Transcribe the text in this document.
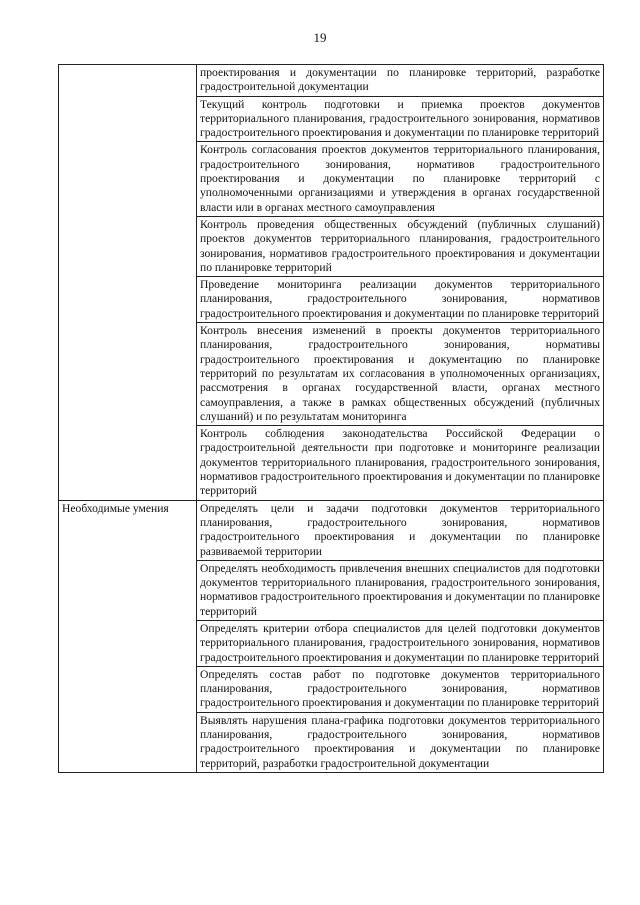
19
	проектирования и документации по планировке территорий, разработке градостроительной документации
	Текущий контроль подготовки и приемка проектов документов территориального планирования, градостроительного зонирования, нормативов градостроительного проектирования и документации по планировке территорий
	Контроль согласования проектов документов территориального планирования, градостроительного зонирования, нормативов градостроительного проектирования и документации по планировке территорий с уполномоченными организациями и утверждения в органах государственной власти или в органах местного самоуправления
	Контроль проведения общественных обсуждений (публичных слушаний) проектов документов территориального планирования, градостроительного зонирования, нормативов градостроительного проектирования и документации по планировке территорий
	Проведение мониторинга реализации документов территориального планирования, градостроительного зонирования, нормативов градостроительного проектирования и документации по планировке территорий
	Контроль внесения изменений в проекты документов территориального планирования, градостроительного зонирования, нормативы градостроительного проектирования и документацию по планировке территорий по результатам их согласования в уполномоченных организациях, рассмотрения в органах государственной власти, органах местного самоуправления, а также в рамках общественных обсуждений (публичных слушаний) и по результатам мониторинга
	Контроль соблюдения законодательства Российской Федерации о градостроительной деятельности при подготовке и мониторинге реализации документов территориального планирования, градостроительного зонирования, нормативов градостроительного проектирования и документации по планировке территорий
Необходимые умения	Определять цели и задачи подготовки документов территориального планирования, градостроительного зонирования, нормативов градостроительного проектирования и документации по планировке развиваемой территории
	Определять необходимость привлечения внешних специалистов для подготовки документов территориального планирования, градостроительного зонирования, нормативов градостроительного проектирования и документации по планировке территорий
	Определять критерии отбора специалистов для целей подготовки документов территориального планирования, градостроительного зонирования, нормативов градостроительного проектирования и документации по планировке территорий
	Определять состав работ по подготовке документов территориального планирования, градостроительного зонирования, нормативов градостроительного проектирования и документации по планировке территорий
	Выявлять нарушения плана-графика подготовки документов территориального планирования, градостроительного зонирования, нормативов градостроительного проектирования и документации по планировке территорий, разработки градостроительной документации
